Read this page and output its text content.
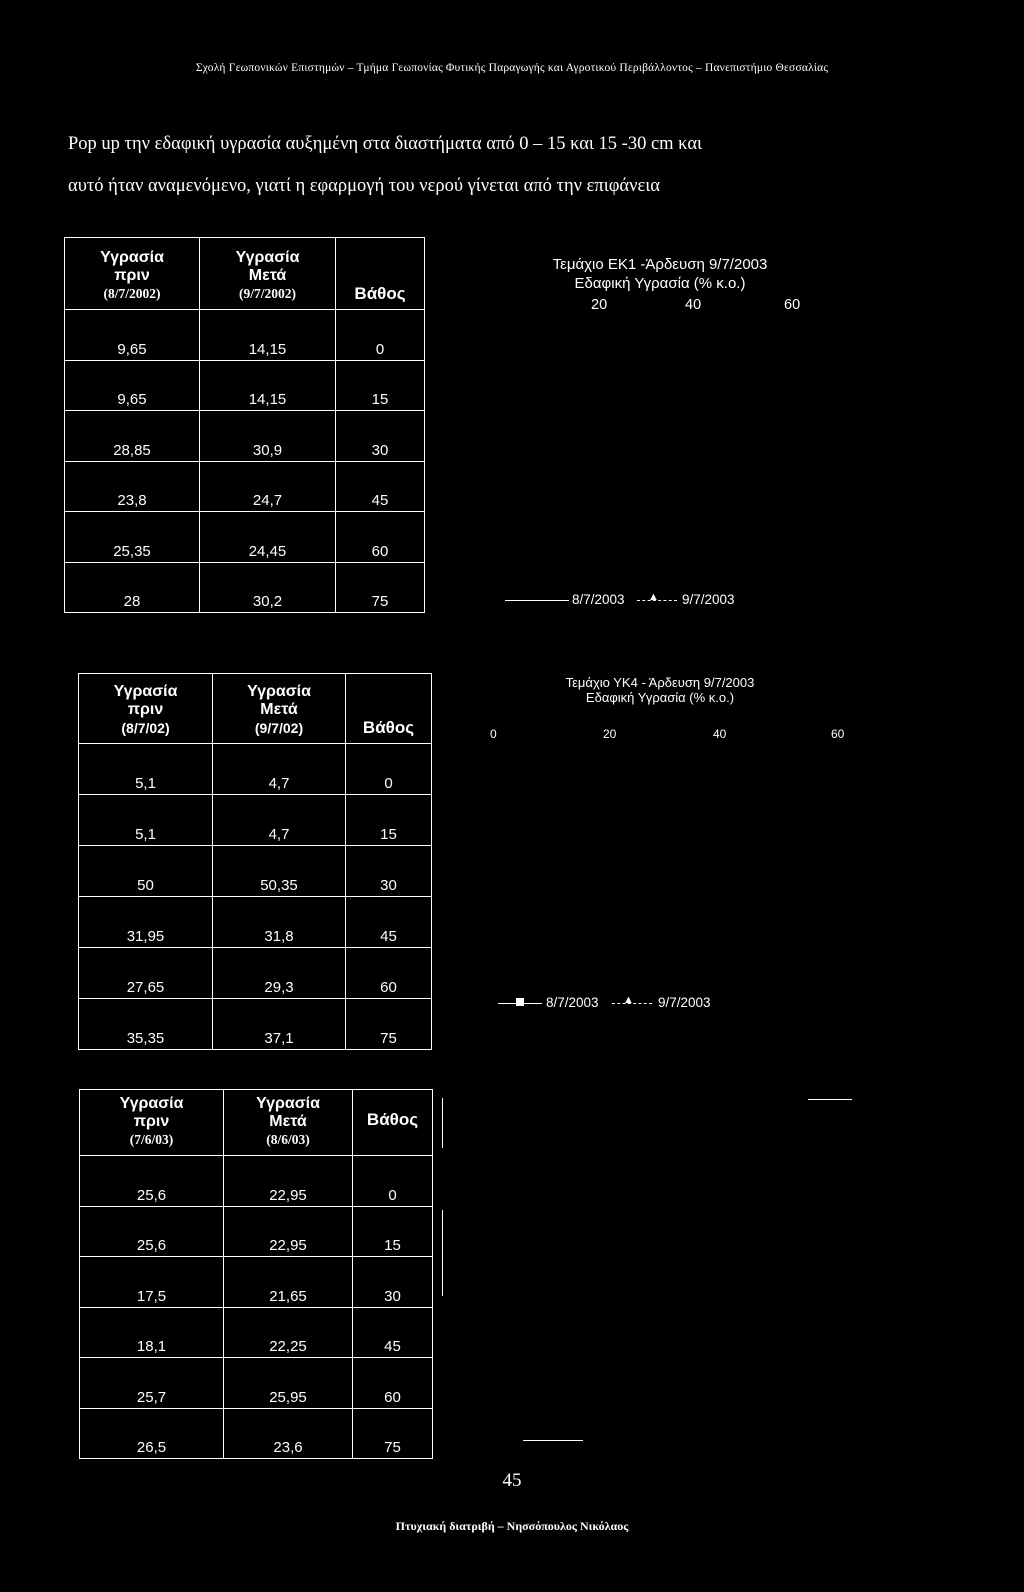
Σχολή Γεωπονικών Επιστημών – Τμήμα Γεωπονίας Φυτικής Παραγωγής και Αγροτικού Περιβάλλοντος – Πανεπιστήμιο Θεσσαλίας
Pop up την εδαφική υγρασία αυξημένη στα διαστήματα από 0 – 15 και 15 -30 cm και
αυτό ήταν αναμενόμενο, γιατί η εφαρμογή του νερού γίνεται από την επιφάνεια
Υγρασία
πριν
(8/7/2002)	Υγρασία
Μετά
(9/7/2002)	Βάθος
9,65	14,15	0
9,65	14,15	15
28,85	30,9	30
23,8	24,7	45
25,35	24,45	60
28	30,2	75
Τεμάχιο ΕΚ1 -Άρδευση 9/7/2003
Εδαφική Υγρασία (% κ.ο.)
20	40	60
8/7/2003 ▲ 9/7/2003
Υγρασία
πριν
(8/7/02)	Υγρασία
Μετά
(9/7/02)	Βάθος
5,1	4,7	0
5,1	4,7	15
50	50,35	30
31,95	31,8	45
27,65	29,3	60
35,35	37,1	75
Τεμάχιο ΥΚ4 - Άρδευση 9/7/2003
Εδαφική Υγρασία (% κ.ο.)
0	20	40	60
8/7/2003 ▲ 9/7/2003
Υγρασία
πριν
(7/6/03)	Υγρασία
Μετά
(8/6/03)	Βάθος
25,6	22,95	0
25,6	22,95	15
17,5	21,65	30
18,1	22,25	45
25,7	25,95	60
26,5	23,6	75
45
Πτυχιακή διατριβή – Νησσόπουλος Νικόλαος
